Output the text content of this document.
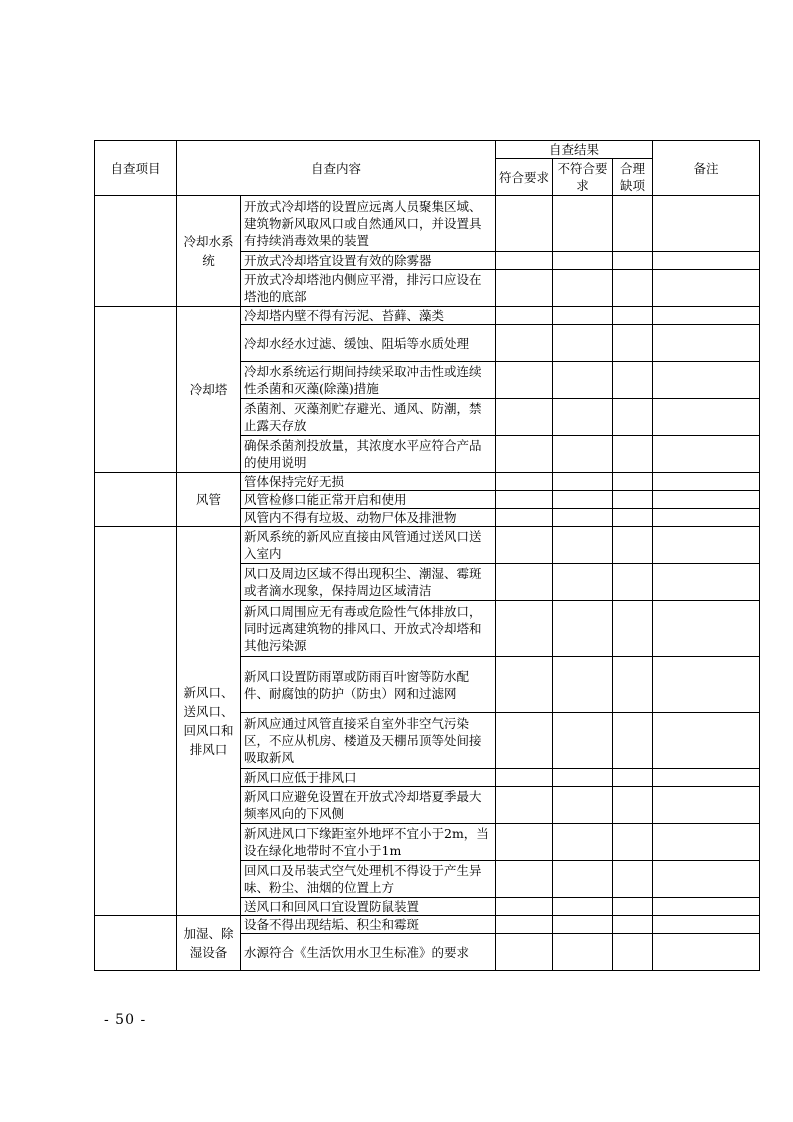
自查项目	自查内容		自查结果			备注
			符合要求	不符合要求	合理缺项	
	冷却水系统	开放式冷却塔的设置应远离人员聚集区域、建筑物新风取风口或自然通风口，并设置具有持续消毒效果的装置				
		开放式冷却塔宜设置有效的除雾器				
		开放式冷却塔池内侧应平滑，排污口应设在塔池的底部				
	冷却塔	冷却塔内壁不得有污泥、苔藓、藻类				
		冷却水经水过滤、缓蚀、阻垢等水质处理				
		冷却水系统运行期间持续采取冲击性或连续性杀菌和灭藻(除藻)措施				
		杀菌剂、灭藻剂贮存避光、通风、防潮，禁止露天存放				
		确保杀菌剂投放量，其浓度水平应符合产品的使用说明				
	风管	管体保持完好无损				
		风管检修口能正常开启和使用				
		风管内不得有垃圾、动物尸体及排泄物				
	新风口、送风口、回风口和排风口	新风系统的新风应直接由风管通过送风口送入室内				
		风口及周边区域不得出现积尘、潮湿、霉斑或者滴水现象，保持周边区域清洁				
		新风口周围应无有毒或危险性气体排放口，同时远离建筑物的排风口、开放式冷却塔和其他污染源				
		新风口设置防雨罩或防雨百叶窗等防水配件、耐腐蚀的防护（防虫）网和过滤网				
		新风应通过风管直接采自室外非空气污染区，不应从机房、楼道及天棚吊顶等处间接吸取新风				
		新风口应低于排风口				
		新风口应避免设置在开放式冷却塔夏季最大频率风向的下风侧				
		新风进风口下缘距室外地坪不宜小于2m，当设在绿化地带时不宜小于1m				
		回风口及吊装式空气处理机不得设于产生异味、粉尘、油烟的位置上方				
		送风口和回风口宜设置防鼠装置				
	加湿、除湿设备	设备不得出现结垢、积尘和霉斑				
		水源符合《生活饮用水卫生标准》的要求				
- 50 -
